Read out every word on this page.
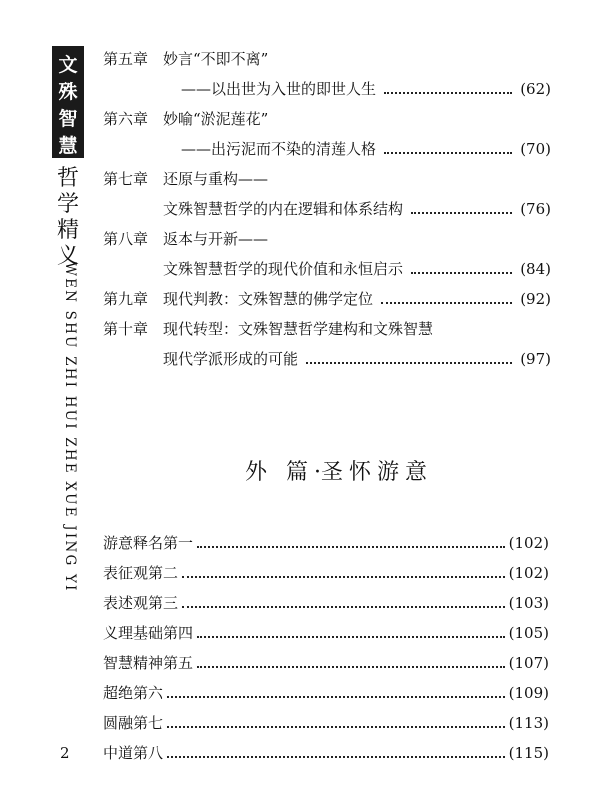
文
殊
智
慧
哲
学
精
义
WEN SHU ZHI HUI ZHE XUE JING YI
2
第五章 妙言“不即不离”
——以出世为入世的即世人生	(62)
第六章 妙喻“淤泥莲花”
——出污泥而不染的清莲人格	(70)
第七章 还原与重构——
文殊智慧哲学的内在逻辑和体系结构	(76)
第八章 返本与开新——
文殊智慧哲学的现代价值和永恒启示	(84)
第九章 现代判教：文殊智慧的佛学定位	(92)
第十章 现代转型：文殊智慧哲学建构和文殊智慧
现代学派形成的可能	(97)
外 篇·圣怀游意
游意释名第一	(102)
表征观第二	(102)
表述观第三	(103)
义理基础第四	(105)
智慧精神第五	(107)
超绝第六	(109)
圆融第七	(113)
中道第八	(115)
